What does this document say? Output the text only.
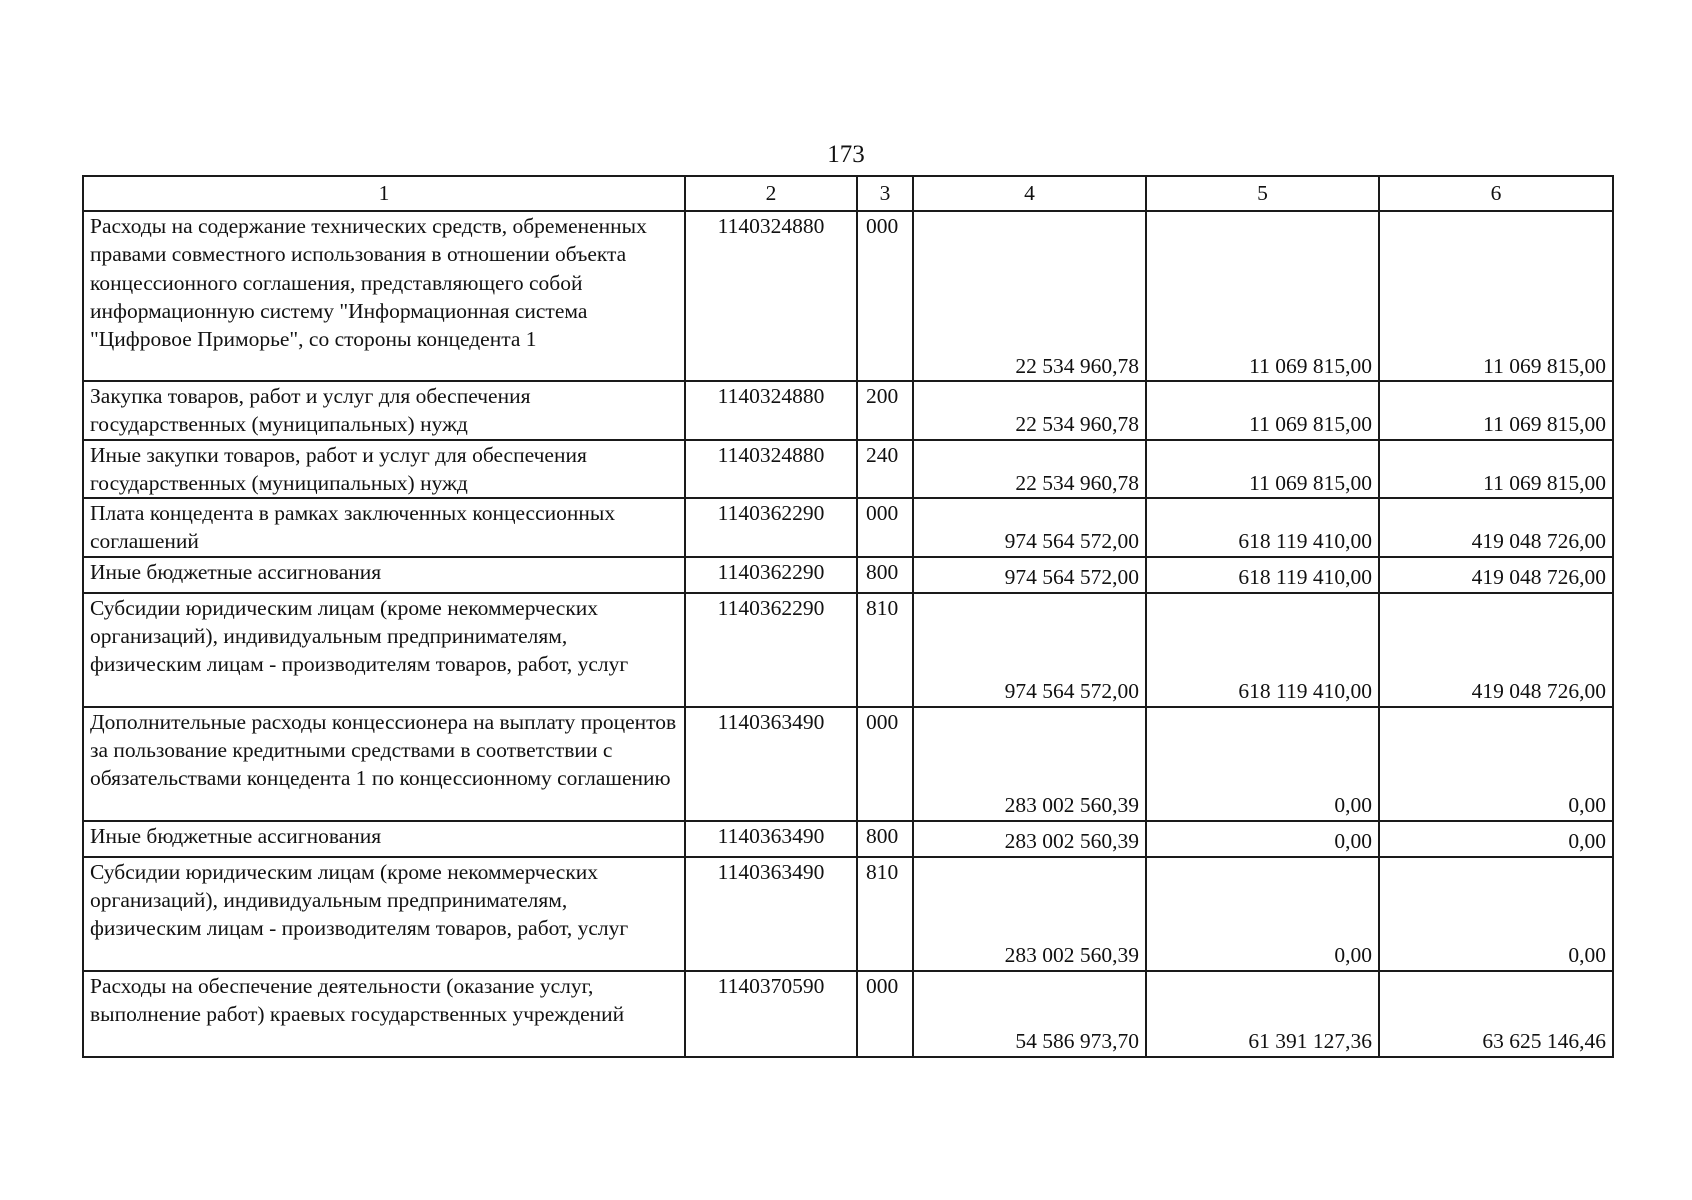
173
1	2	3	4	5	6
Расходы на содержание технических средств, обремененных правами совместного использования в отношении объекта концессионного соглашения, представляющего собой информационную систему "Информационная система "Цифровое Приморье", со стороны концедента 1	1140324880	000	22 534 960,78	11 069 815,00	11 069 815,00
Закупка товаров, работ и услуг для обеспечения государственных (муниципальных) нужд	1140324880	200	22 534 960,78	11 069 815,00	11 069 815,00
Иные закупки товаров, работ и услуг для обеспечения государственных (муниципальных) нужд	1140324880	240	22 534 960,78	11 069 815,00	11 069 815,00
Плата концедента в рамках заключенных концессионных соглашений	1140362290	000	974 564 572,00	618 119 410,00	419 048 726,00
Иные бюджетные ассигнования	1140362290	800	974 564 572,00	618 119 410,00	419 048 726,00
Субсидии юридическим лицам (кроме некоммерческих организаций), индивидуальным предпринимателям, физическим лицам - производителям товаров, работ, услуг	1140362290	810	974 564 572,00	618 119 410,00	419 048 726,00
Дополнительные расходы концессионера на выплату процентов за пользование кредитными средствами в соответствии с обязательствами концедента 1 по концессионному соглашению	1140363490	000	283 002 560,39	0,00	0,00
Иные бюджетные ассигнования	1140363490	800	283 002 560,39	0,00	0,00
Субсидии юридическим лицам (кроме некоммерческих организаций), индивидуальным предпринимателям, физическим лицам - производителям товаров, работ, услуг	1140363490	810	283 002 560,39	0,00	0,00
Расходы на обеспечение деятельности (оказание услуг, выполнение работ) краевых государственных учреждений	1140370590	000	54 586 973,70	61 391 127,36	63 625 146,46
